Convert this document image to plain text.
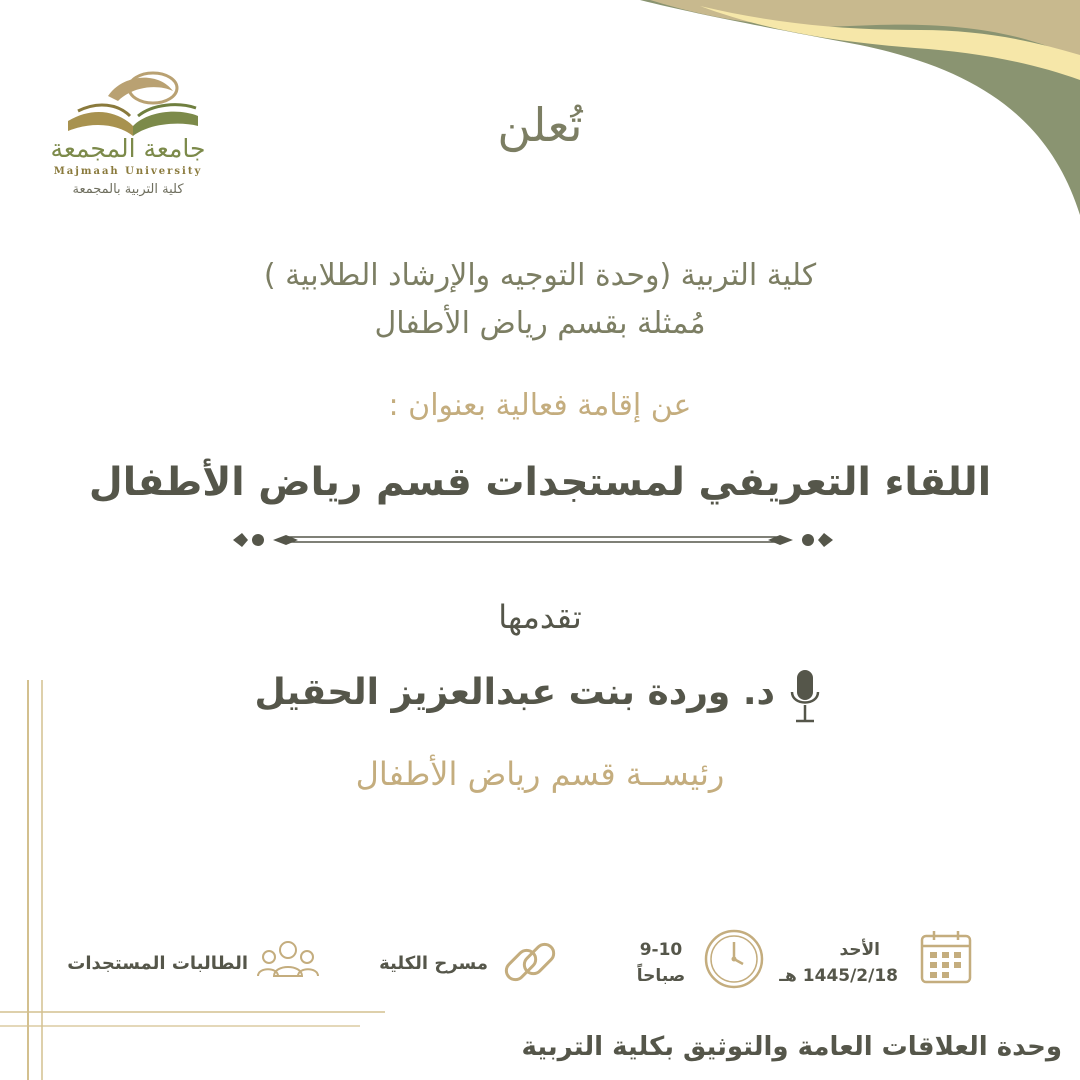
جامعة المجمعة
Majmaah University
كلية التربية بالمجمعة
تُعلن
كلية التربية (وحدة التوجيه والإرشاد الطلابية )
مُمثلة بقسم رياض الأطفال
عن إقامة فعالية بعنوان :
اللقاء التعريفي لمستجدات قسم رياض الأطفال
تقدمها
د. وردة بنت عبدالعزيز الحقيل
رئيســة قسم رياض الأطفال
الأحد
1445/2/18 هـ
9-10
صباحاً
مسرح الكلية
الطالبات المستجدات
وحدة العلاقات العامة والتوثيق بكلية التربية
